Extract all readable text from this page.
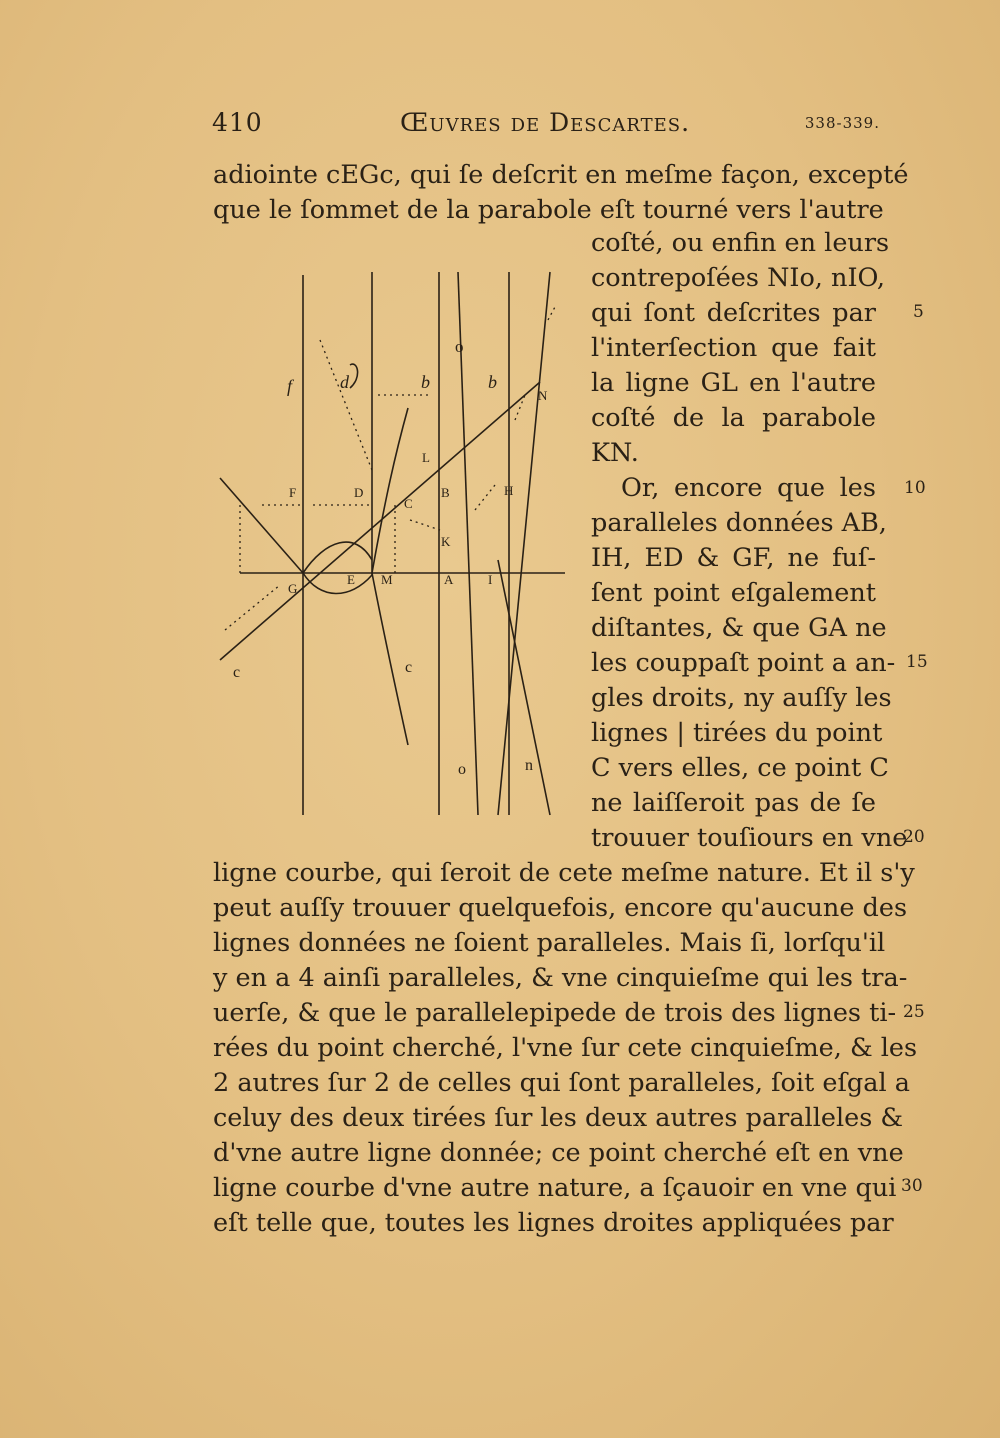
410	Œuvres de Descartes.	338-339.
adiointe cEGc, qui ſe deſcrit en meſme façon, excepté
que le ſommet de la parabole eſt tourné vers l'autre
coſté, ou enfin en leurs
contrepoſées NIo, nIO,
qui ſont deſcrites par
l'interſection que fait
la ligne GL en l'autre
coſté de la parabole
KN.
Or, encore que les
paralleles données AB,
IH, ED & GF, ne fuſ-
ſent point eſgalement
diſtantes, & que GA ne
les couppaſt point a an-
gles droits, ny auſſy les
lignes | tirées du point
C vers elles, ce point C
ne laiſſeroit pas de ſe
trouuer touſiours en vne
ligne courbe, qui ſeroit de cete meſme nature. Et il s'y
peut auſſy trouuer quelquefois, encore qu'aucune des
lignes données ne ſoient paralleles. Mais ſi, lorſqu'il
y en a 4 ainſi paralleles, & vne cinquieſme qui les tra-
uerſe, & que le parallelepipede de trois des lignes ti-
rées du point cherché, l'vne ſur cete cinquieſme, & les
2 autres ſur 2 de celles qui ſont paralleles, ſoit eſgal a
celuy des deux tirées ſur les deux autres paralleles &
d'vne autre ligne donnée; ce point cherché eſt en vne
ligne courbe d'vne autre nature, a ſçauoir en vne qui
eſt telle que, toutes les lignes droites appliquées par
5
10
15
20
25
30
f	d	b	b
o
N
L
F	D
C
B	H
K
G
E M	A	I
c	c
o	n
